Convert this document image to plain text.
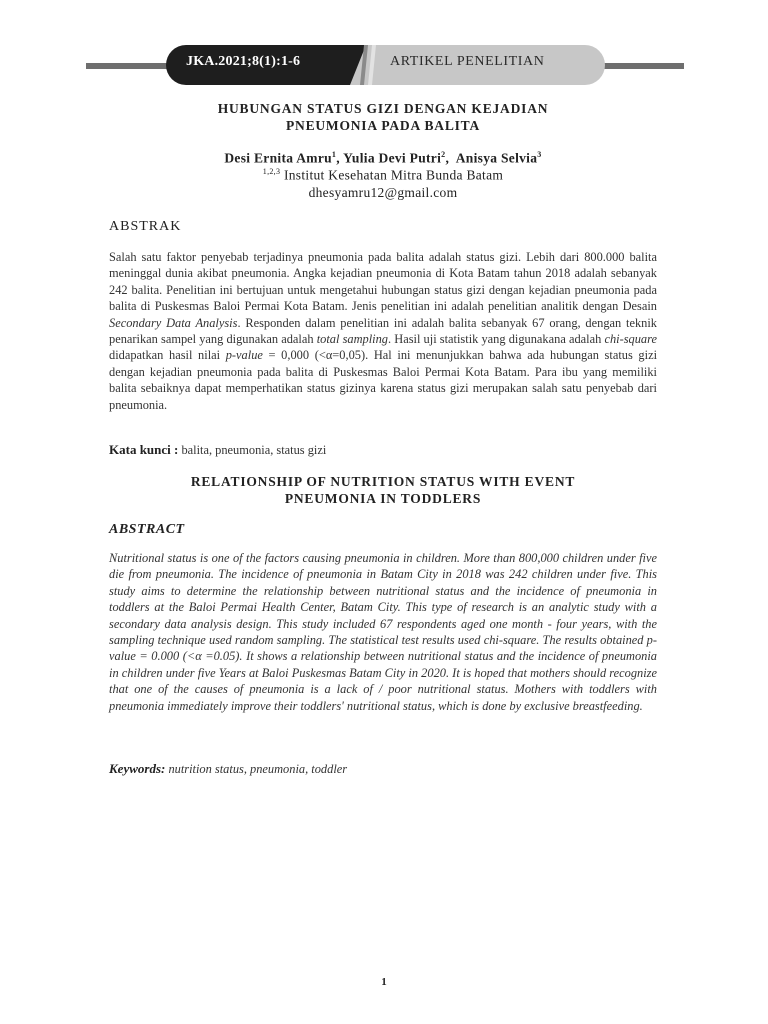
JKA.2021;8(1):1-6	ARTIKEL PENELITIAN
HUBUNGAN STATUS GIZI DENGAN KEJADIAN
PNEUMONIA PADA BALITA
Desi Ernita Amru$^1$, Yulia Devi Putri$^2$,  Anisya Selvia$^3$
$^{1,2,3}$ Institut Kesehatan Mitra Bunda Batam
dhesyamru12@gmail.com
ABSTRAK
Salah satu faktor penyebab terjadinya pneumonia pada balita adalah status gizi. Lebih dari 800.000 balita meninggal dunia akibat pneumonia. Angka kejadian pneumonia di Kota Batam tahun 2018 adalah sebanyak 242 balita. Penelitian ini bertujuan untuk mengetahui hubungan status gizi dengan kejadian pneumonia pada balita di Puskesmas Baloi Permai Kota Batam. Jenis penelitian ini adalah penelitian analitik dengan Desain Secondary Data Analysis. Responden dalam penelitian ini adalah balita sebanyak 67 orang, dengan teknik penarikan sampel yang digunakan adalah total sampling. Hasil uji statistik yang digunakana adalah chi-square didapatkan hasil nilai p-value = 0,000 (<α=0,05). Hal ini menunjukkan bahwa ada hubungan status gizi dengan kejadian pneumonia pada balita di Puskesmas Baloi Permai Kota Batam. Para ibu yang memiliki balita sebaiknya dapat memperhatikan status gizinya karena status gizi merupakan salah satu penyebab dari pneumonia.
Kata kunci : balita, pneumonia, status gizi
RELATIONSHIP OF NUTRITION STATUS WITH EVENT
PNEUMONIA IN TODDLERS
ABSTRACT
Nutritional status is one of the factors causing pneumonia in children. More than 800,000 children under five die from pneumonia. The incidence of pneumonia in Batam City in 2018 was 242 children under five. This study aims to determine the relationship between nutritional status and the incidence of pneumonia in toddlers at the Baloi Permai Health Center, Batam City. This type of research is an analytic study with a secondary data analysis design. This study included 67 respondents aged one month - four years, with the sampling technique used random sampling. The statistical test results used chi-square. The results obtained p-value = 0.000 (<α =0.05). It shows a relationship between nutritional status and the incidence of pneumonia in children under five Years at Baloi Puskesmas Batam City in 2020. It is hoped that mothers should recognize that one of the causes of pneumonia is a lack of / poor nutritional status. Mothers with toddlers with pneumonia immediately improve their toddlers' nutritional status, which is done by exclusive breastfeeding.
Keywords: nutrition status, pneumonia, toddler
1
